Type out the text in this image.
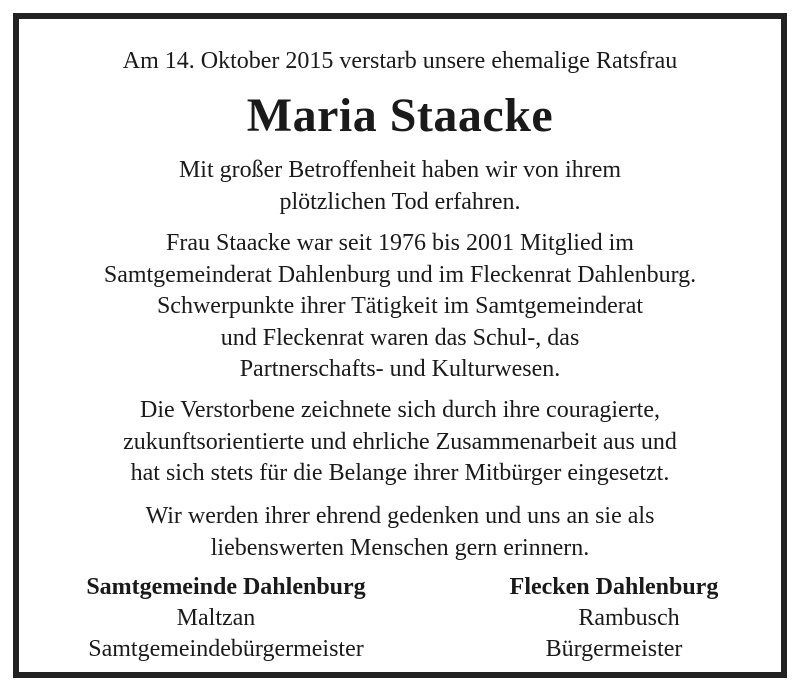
Am 14. Oktober 2015 verstarb unsere ehemalige Ratsfrau
Maria Staacke
Mit großer Betroffenheit haben wir von ihrem
plötzlichen Tod erfahren.
Frau Staacke war seit 1976 bis 2001 Mitglied im
Samtgemeinderat Dahlenburg und im Fleckenrat Dahlenburg.
Schwerpunkte ihrer Tätigkeit im Samtgemeinderat
und Fleckenrat waren das Schul-, das
Partnerschafts- und Kulturwesen.
Die Verstorbene zeichnete sich durch ihre couragierte,
zukunftsorientierte und ehrliche Zusammenarbeit aus und
hat sich stets für die Belange ihrer Mitbürger eingesetzt.
Wir werden ihrer ehrend gedenken und uns an sie als
liebenswerten Menschen gern erinnern.
Samtgemeinde Dahlenburg
Maltzan
Samtgemeindebürgermeister
Flecken Dahlenburg
Rambusch
Bürgermeister
